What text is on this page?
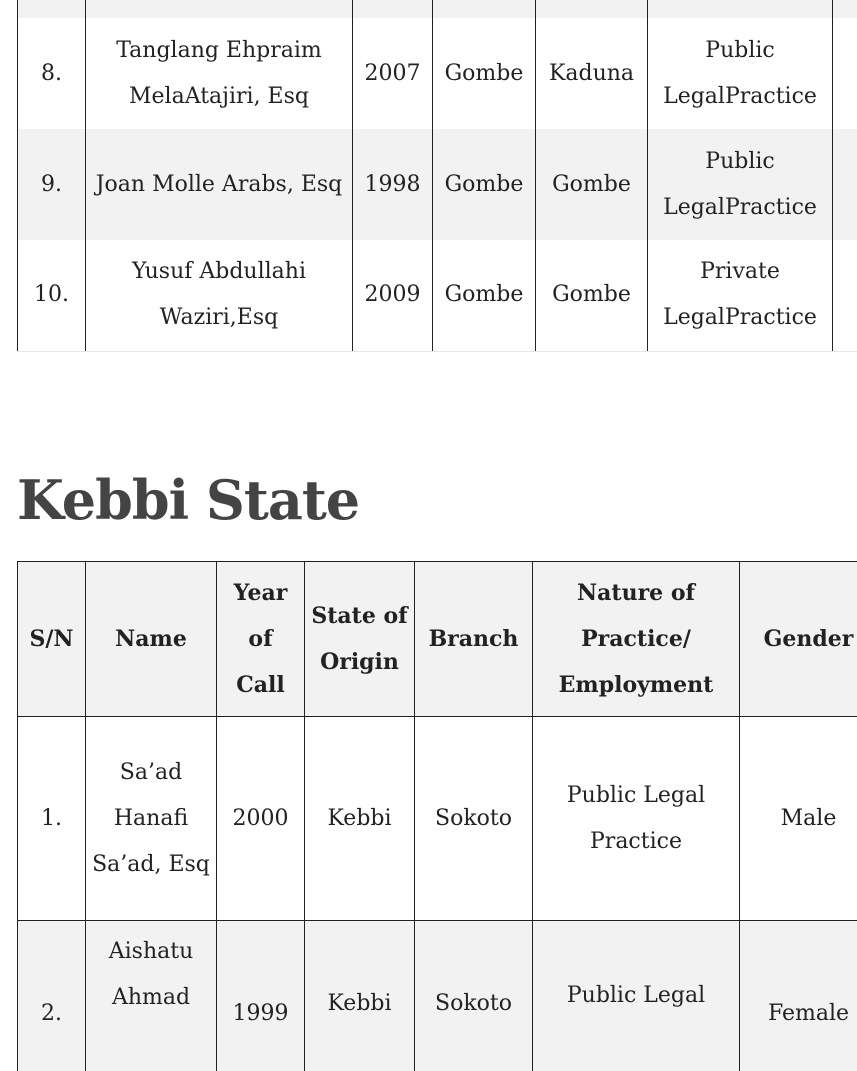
8.	Tanglang Ehpraim MelaAtajiri, Esq	2007	Gombe	Kaduna	Public LegalPractice	
9.	Joan Molle Arabs, Esq	1998	Gombe	Gombe	Public LegalPractice	
10.	Yusuf Abdullahi Waziri,Esq	2009	Gombe	Gombe	Private LegalPractice	
Kebbi State
S/N	Name	Year of Call	State of Origin	Branch	Nature of Practice/ Employment	Gender
1.	Sa’ad Hanafi Sa’ad, Esq	2000	Kebbi	Sokoto	Public Legal Practice	Male
2.	Aishatu Ahmad	1999	Kebbi	Sokoto	Public Legal	Female
